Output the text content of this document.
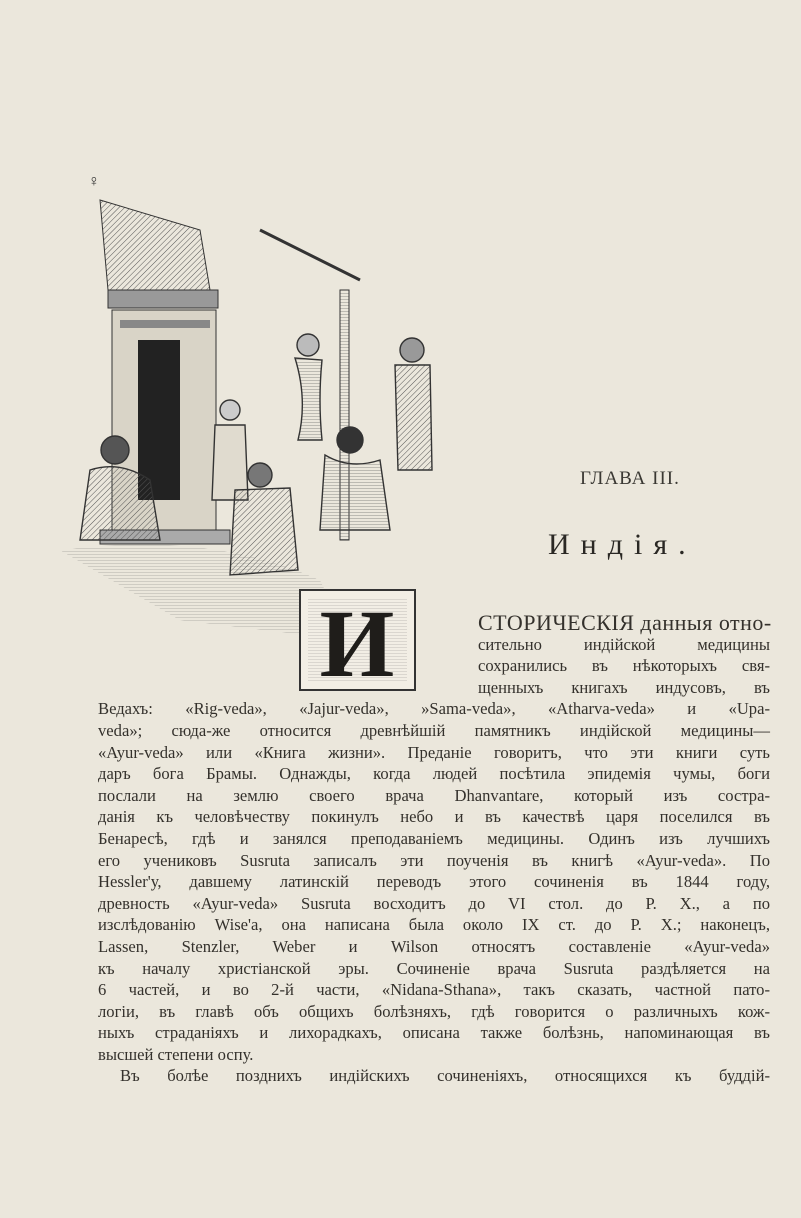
♀
И
ГЛАВА III.
Индія.
СТОРИЧЕСКІЯ данныя отно-
сительно индійской медицины
сохранились въ нѣкоторыхъ свя-
щенныхъ книгахъ индусовъ, въ
Ведахъ: «Rig-veda», «Jajur-veda», »Sama-veda», «Atharva-veda» и «Upa-
veda»; сюда-же относится древнѣйшій памятникъ индійской медицины—
«Ayur-veda» или «Книга жизни». Преданіе говоритъ, что эти книги суть
даръ бога Брамы. Однажды, когда людей посѣтила эпидемія чумы, боги
послали на землю своего врача Dhanvantare, который изъ состра-
данія къ человѣчеству покинулъ небо и въ качествѣ царя поселился въ
Бенаресѣ, гдѣ и занялся преподаваніемъ медицины. Одинъ изъ лучшихъ
его учениковъ Susruta записалъ эти поученія въ книгѣ «Ayur-veda». По
Hessler'у, давшему латинскій переводъ этого сочиненія въ 1844 году,
древность «Ayur-veda» Susruta восходитъ до VI стол. до Р. X., а по
изслѣдованію Wise'a, она написана была около IX ст. до Р. X.; наконецъ,
Lassen, Stenzler, Weber и Wilson относятъ составленіе «Ayur-veda»
къ началу христіанской эры. Сочиненіе врача Susruta раздѣляется на
6 частей, и во 2-й части, «Nidana-Sthana», такъ сказать, частной пато-
логіи, въ главѣ объ общихъ болѣзняхъ, гдѣ говорится о различныхъ кож-
ныхъ страданіяхъ и лихорадкахъ, описана также болѣзнь, напоминающая въ
высшей степени оспу.
Въ болѣе позднихъ индійскихъ сочиненіяхъ, относящихся къ буддій-
